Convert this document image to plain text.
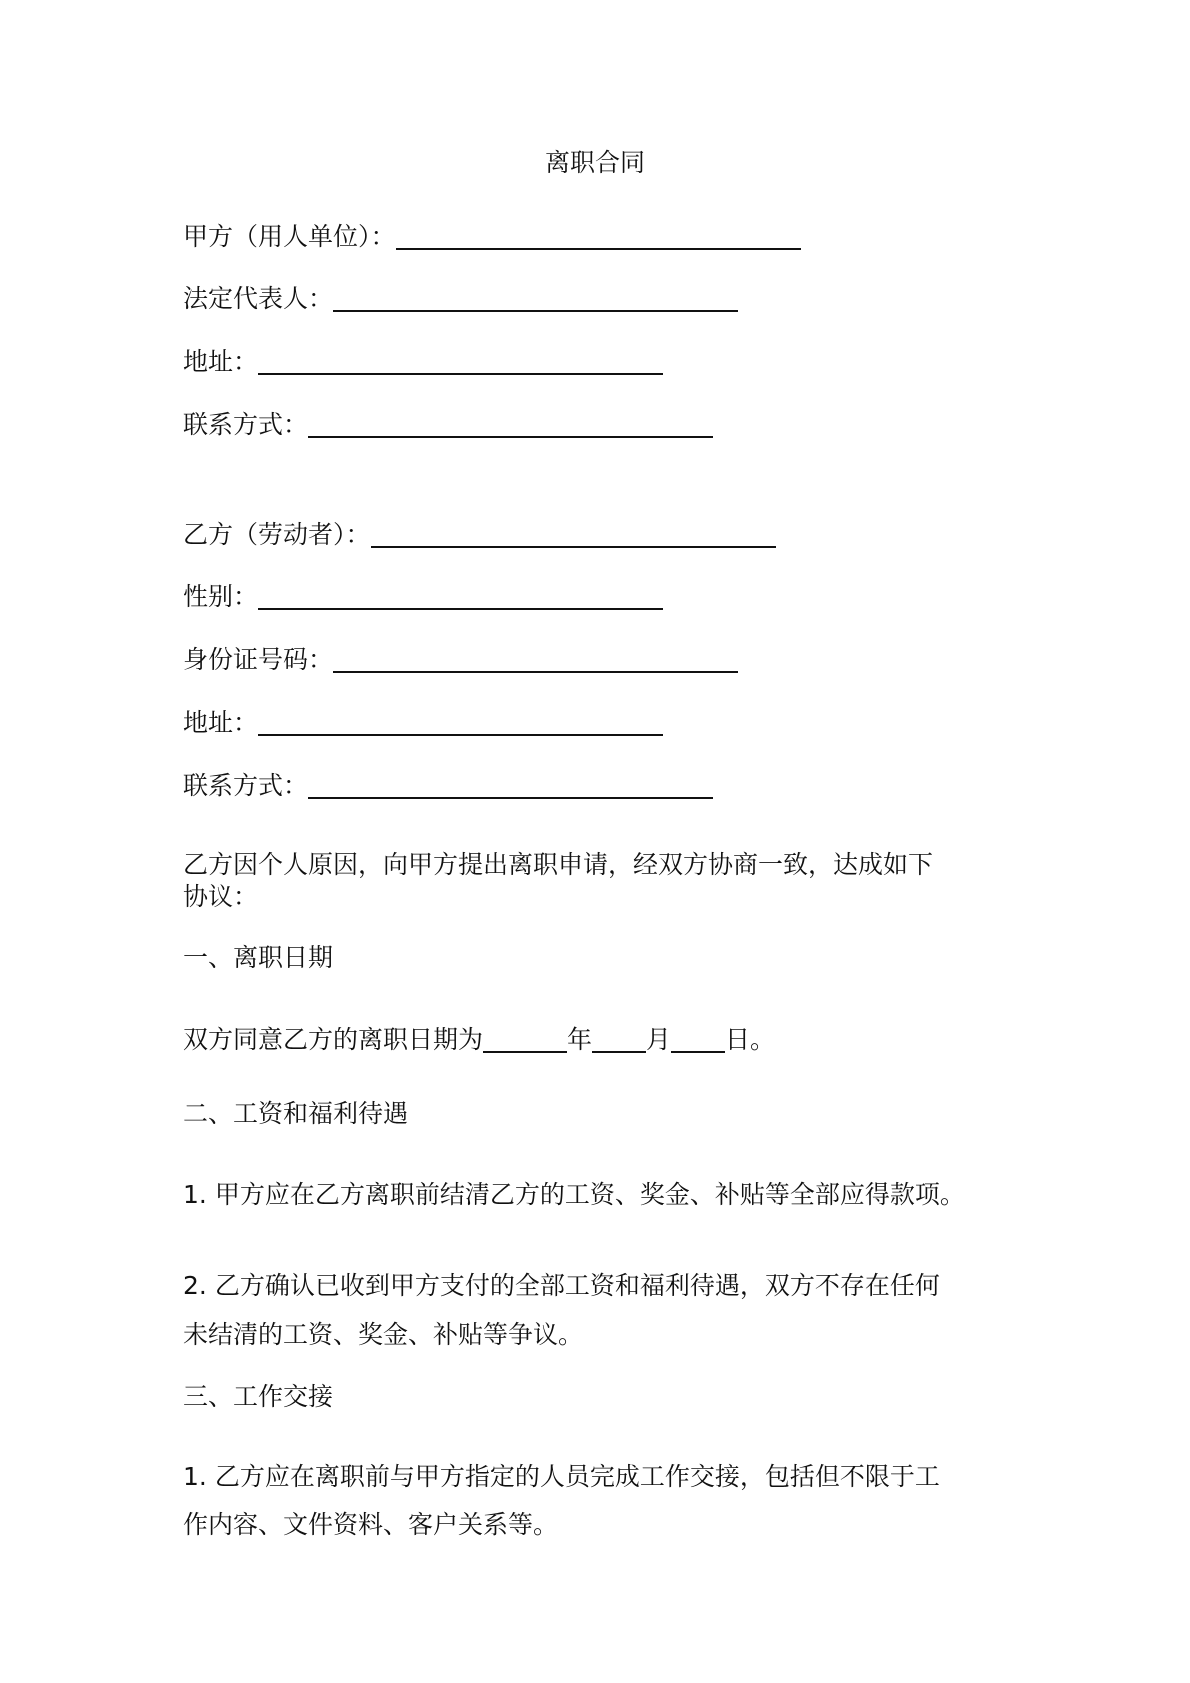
离职合同
甲方（用人单位）：
法定代表人：
地址：
联系方式：
乙方（劳动者）：
性别：
身份证号码：
地址：
联系方式：
乙方因个人原因，向甲方提出离职申请，经双方协商一致，达成如下
协议：
一、离职日期
双方同意乙方的离职日期为	年 月 日。
二、工资和福利待遇
1. 甲方应在乙方离职前结清乙方的工资、奖金、补贴等全部应得款项。
2. 乙方确认已收到甲方支付的全部工资和福利待遇，双方不存在任何
未结清的工资、奖金、补贴等争议。
三、工作交接
1. 乙方应在离职前与甲方指定的人员完成工作交接，包括但不限于工
作内容、文件资料、客户关系等。
